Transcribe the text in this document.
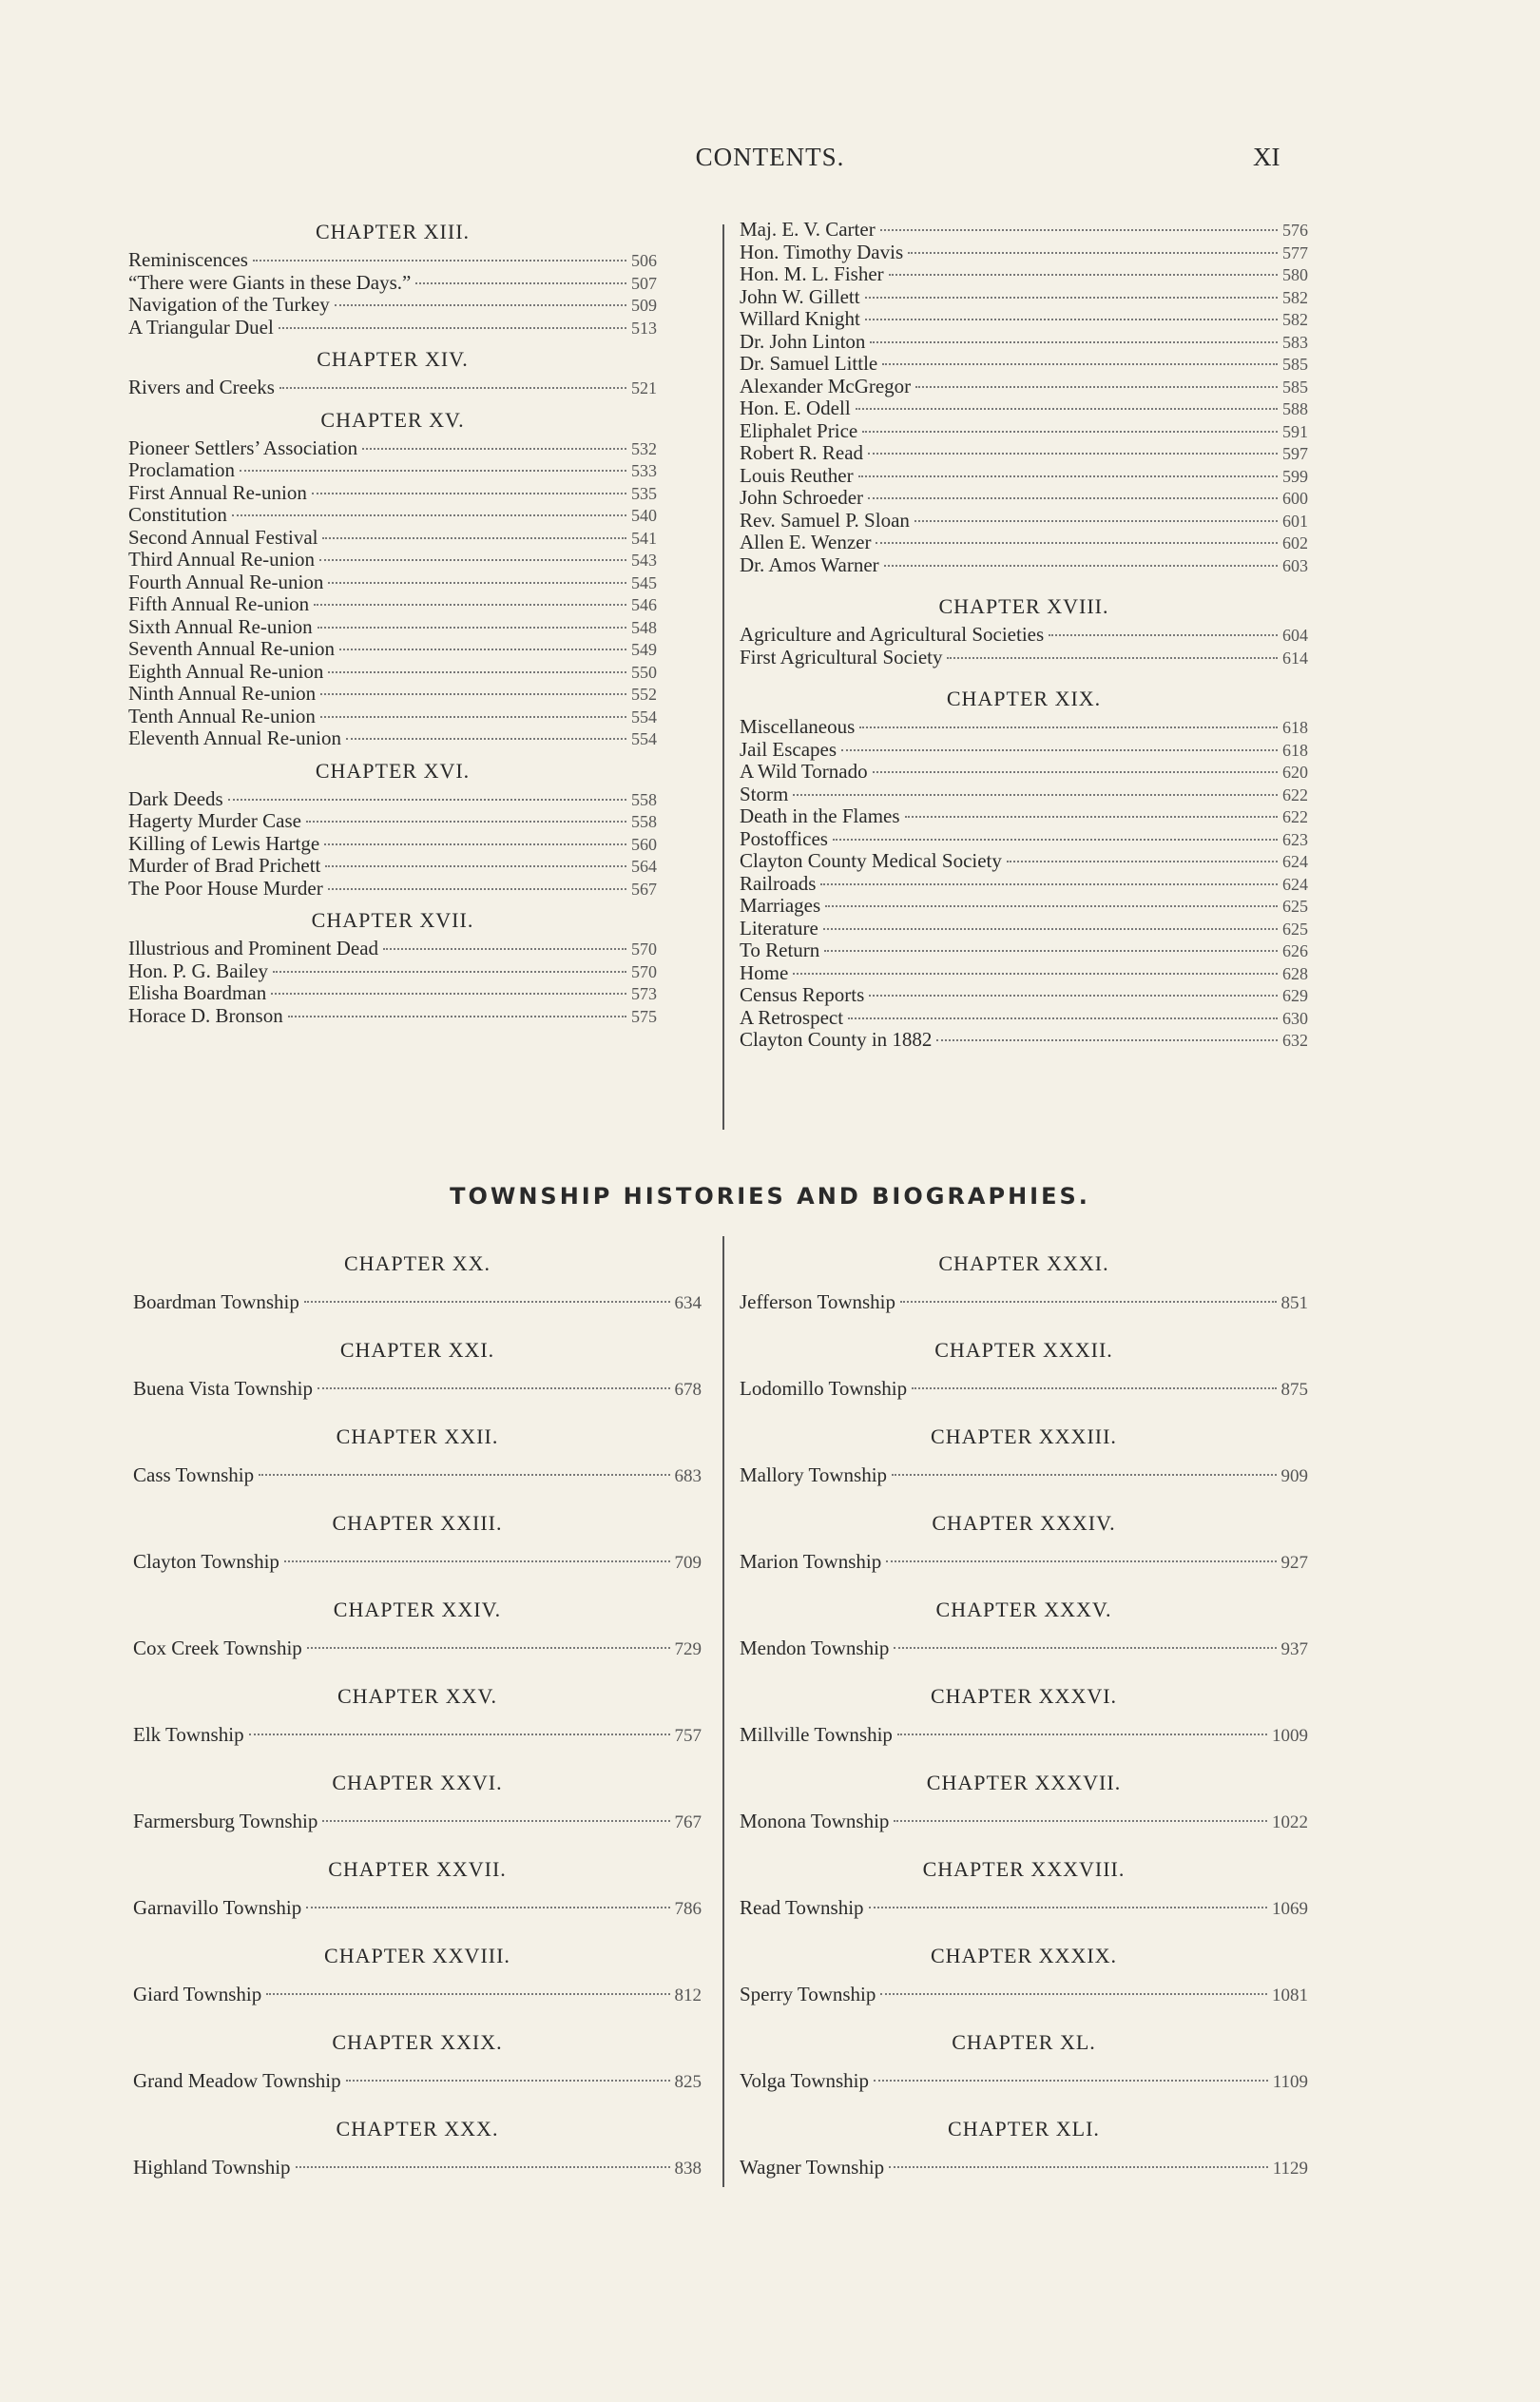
CONTENTS.	XI
CHAPTER XIII.
Reminiscences	506
“There were Giants in these Days.”	507
Navigation of the Turkey	509
A Triangular Duel	513
CHAPTER XIV.
Rivers and Creeks	521
CHAPTER XV.
Pioneer Settlers’ Association	532
Proclamation	533
First Annual Re-union	535
Constitution	540
Second Annual Festival	541
Third Annual Re-union	543
Fourth Annual Re-union	545
Fifth Annual Re-union	546
Sixth Annual Re-union	548
Seventh Annual Re-union	549
Eighth Annual Re-union	550
Ninth Annual Re-union	552
Tenth Annual Re-union	554
Eleventh Annual Re-union	554
CHAPTER XVI.
Dark Deeds	558
Hagerty Murder Case	558
Killing of Lewis Hartge	560
Murder of Brad Prichett	564
The Poor House Murder	567
CHAPTER XVII.
Illustrious and Prominent Dead	570
Hon. P. G. Bailey	570
Elisha Boardman	573
Horace D. Bronson	575
Maj. E. V. Carter	576
Hon. Timothy Davis	577
Hon. M. L. Fisher	580
John W. Gillett	582
Willard Knight	582
Dr. John Linton	583
Dr. Samuel Little	585
Alexander McGregor	585
Hon. E. Odell	588
Eliphalet Price	591
Robert R. Read	597
Louis Reuther	599
John Schroeder	600
Rev. Samuel P. Sloan	601
Allen E. Wenzer	602
Dr. Amos Warner	603
CHAPTER XVIII.
Agriculture and Agricultural Societies	604
First Agricultural Society	614
CHAPTER XIX.
Miscellaneous	618
Jail Escapes	618
A Wild Tornado	620
Storm	622
Death in the Flames	622
Postoffices	623
Clayton County Medical Society	624
Railroads	624
Marriages	625
Literature	625
To Return	626
Home	628
Census Reports	629
A Retrospect	630
Clayton County in 1882	632
TOWNSHIP HISTORIES AND BIOGRAPHIES.
CHAPTER XX.
Boardman Township	634
CHAPTER XXI.
Buena Vista Township	678
CHAPTER XXII.
Cass Township	683
CHAPTER XXIII.
Clayton Township	709
CHAPTER XXIV.
Cox Creek Township	729
CHAPTER XXV.
Elk Township	757
CHAPTER XXVI.
Farmersburg Township	767
CHAPTER XXVII.
Garnavillo Township	786
CHAPTER XXVIII.
Giard Township	812
CHAPTER XXIX.
Grand Meadow Township	825
CHAPTER XXX.
Highland Township	838
CHAPTER XXXI.
Jefferson Township	851
CHAPTER XXXII.
Lodomillo Township	875
CHAPTER XXXIII.
Mallory Township	909
CHAPTER XXXIV.
Marion Township	927
CHAPTER XXXV.
Mendon Township	937
CHAPTER XXXVI.
Millville Township	1009
CHAPTER XXXVII.
Monona Township	1022
CHAPTER XXXVIII.
Read Township	1069
CHAPTER XXXIX.
Sperry Township	1081
CHAPTER XL.
Volga Township	1109
CHAPTER XLI.
Wagner Township	1129
